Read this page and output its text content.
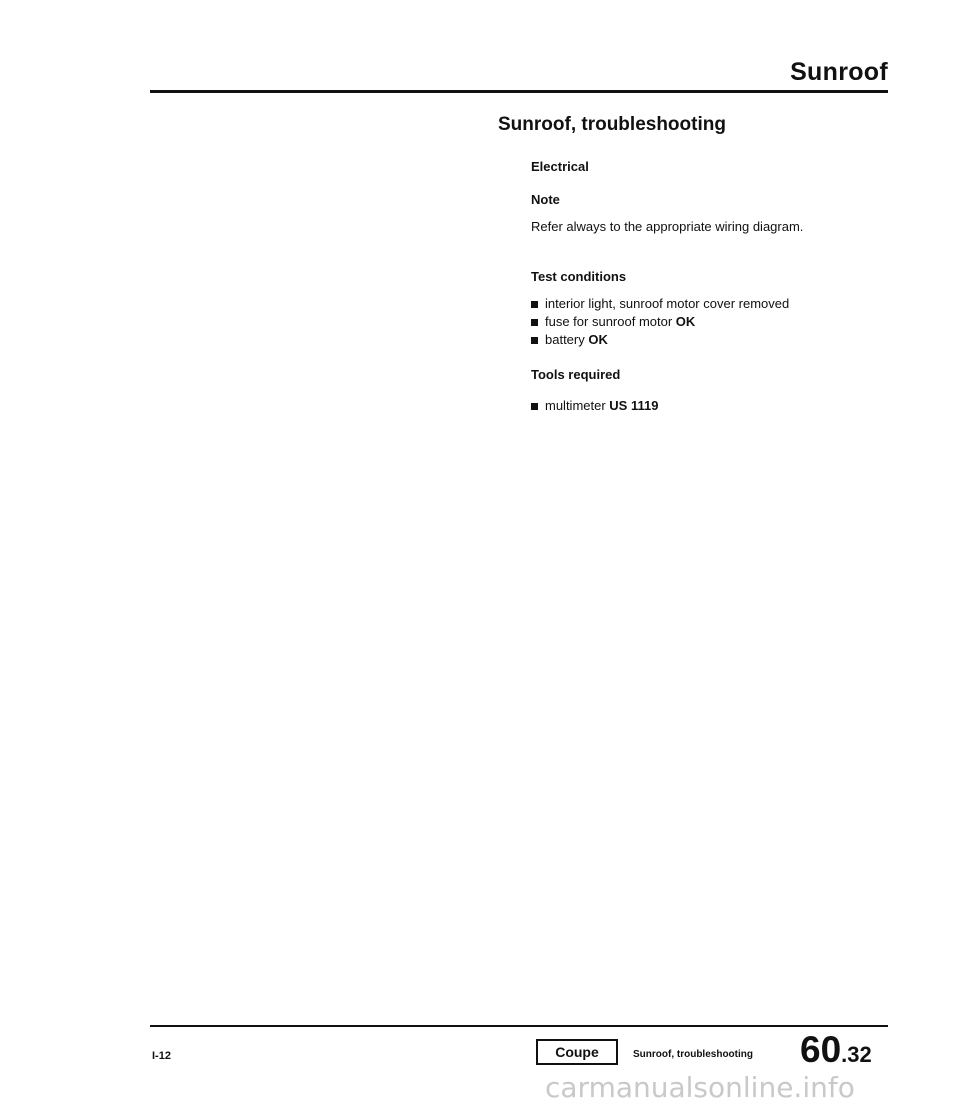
Sunroof
Sunroof, troubleshooting
Electrical
Note
Refer always to the appropriate wiring diagram.
Test conditions
interior light, sunroof motor cover removed
fuse for sunroof motor OK
battery OK
Tools required
multimeter US 1119
I-12	Coupe	Sunroof, troubleshooting 60.32
carmanualsonline.info
